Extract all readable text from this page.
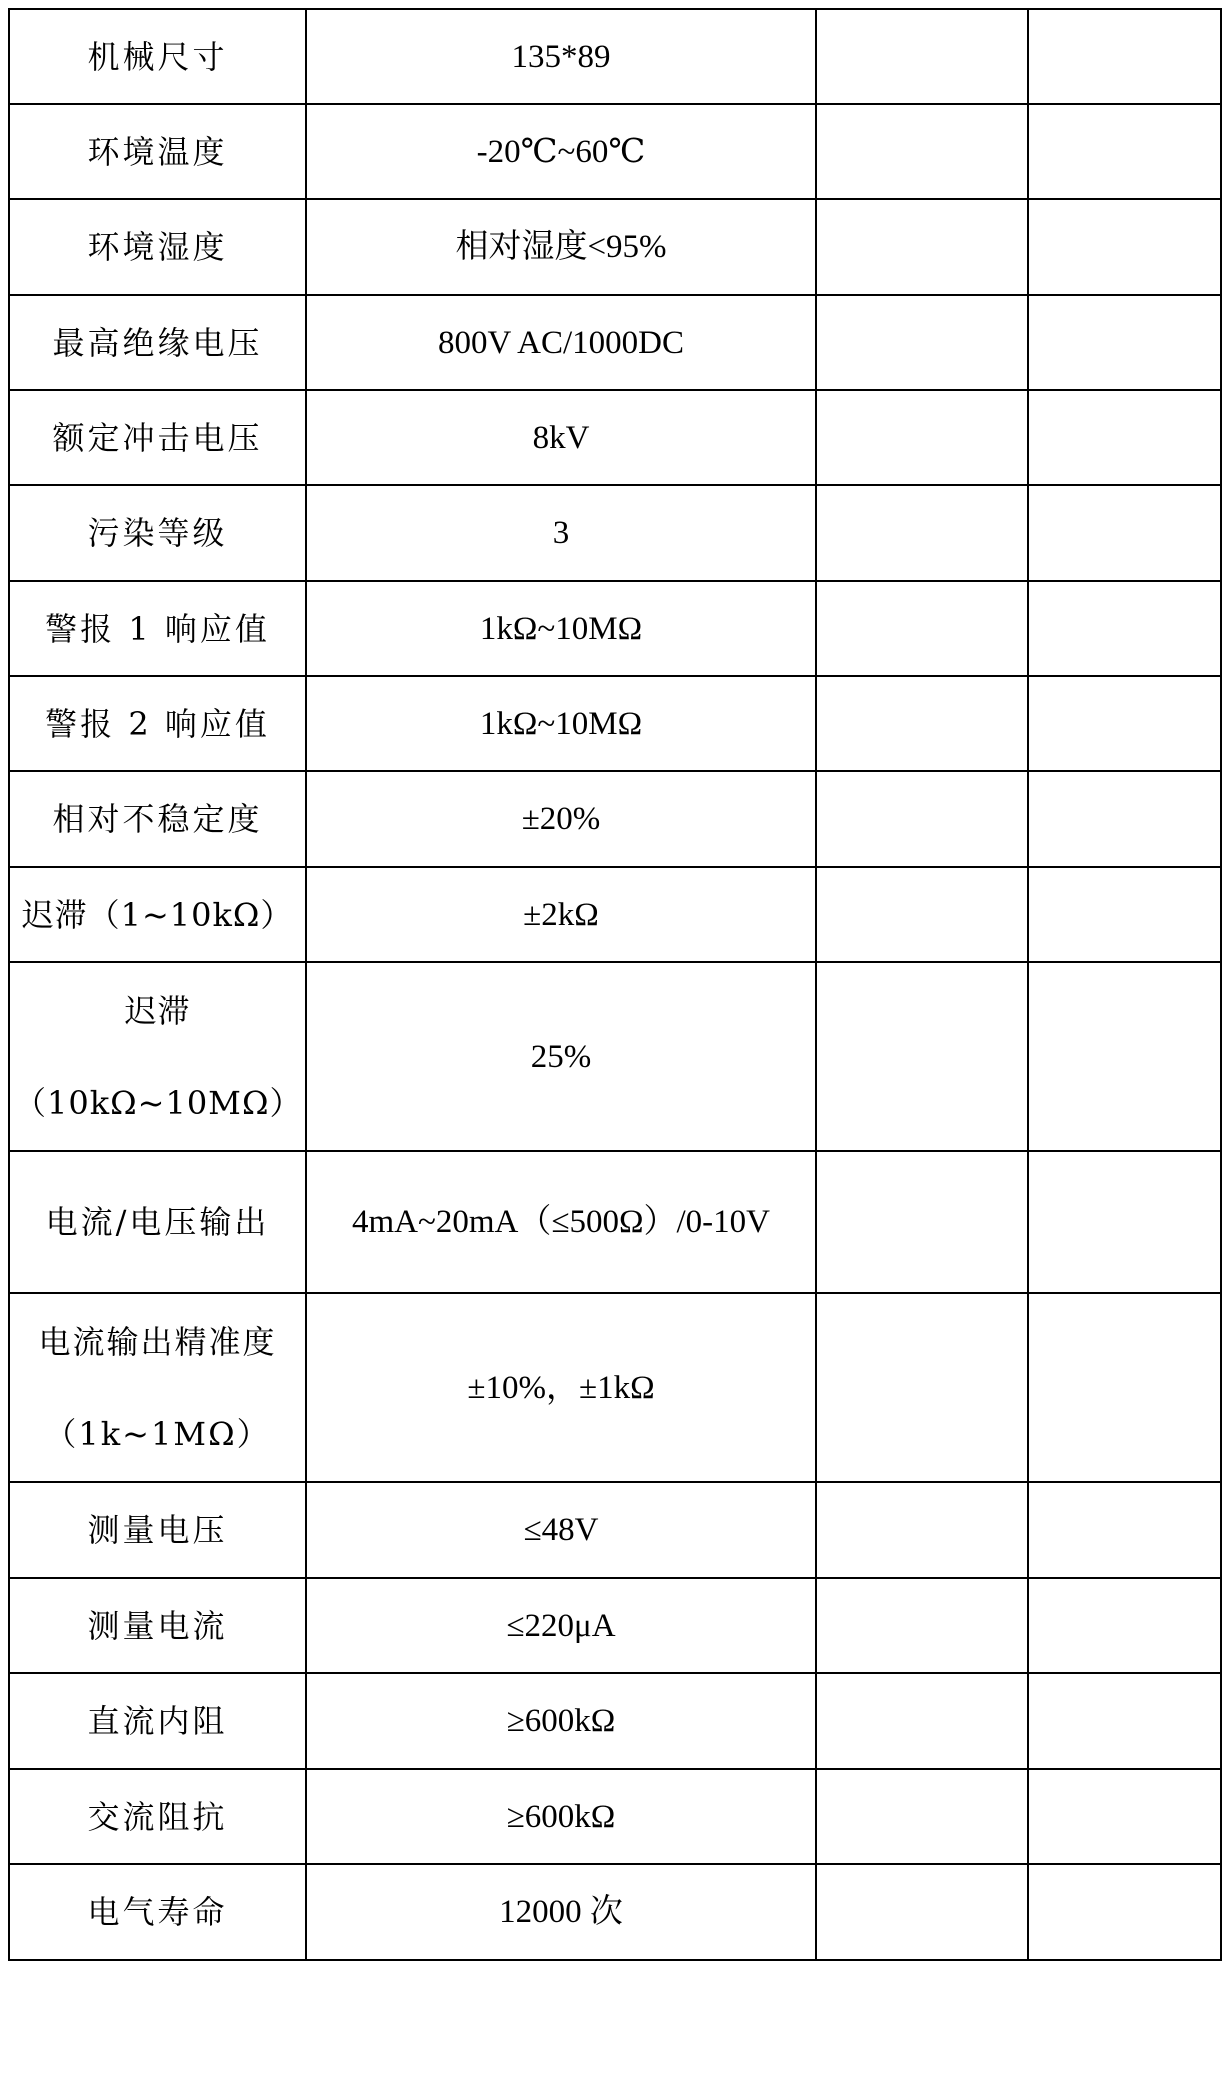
机械尺寸	135*89		
环境温度	-20℃~60℃		
环境湿度	相对湿度<95%		
最高绝缘电压	800V AC/1000DC		
额定冲击电压	8kV		
污染等级	3		
警报 1 响应值	1kΩ~10MΩ		
警报 2 响应值	1kΩ~10MΩ		
相对不稳定度	±20%		
迟滞（1~10kΩ）	±2kΩ		
迟滞（10kΩ~10MΩ）	25%		
电流/电压输出	4mA~20mA（≤500Ω）/0-10V		
电流输出精准度（1k~1MΩ）	±10%，±1kΩ		
测量电压	≤48V		
测量电流	≤220μA		
直流内阻	≥600kΩ		
交流阻抗	≥600kΩ		
电气寿命	12000 次		
